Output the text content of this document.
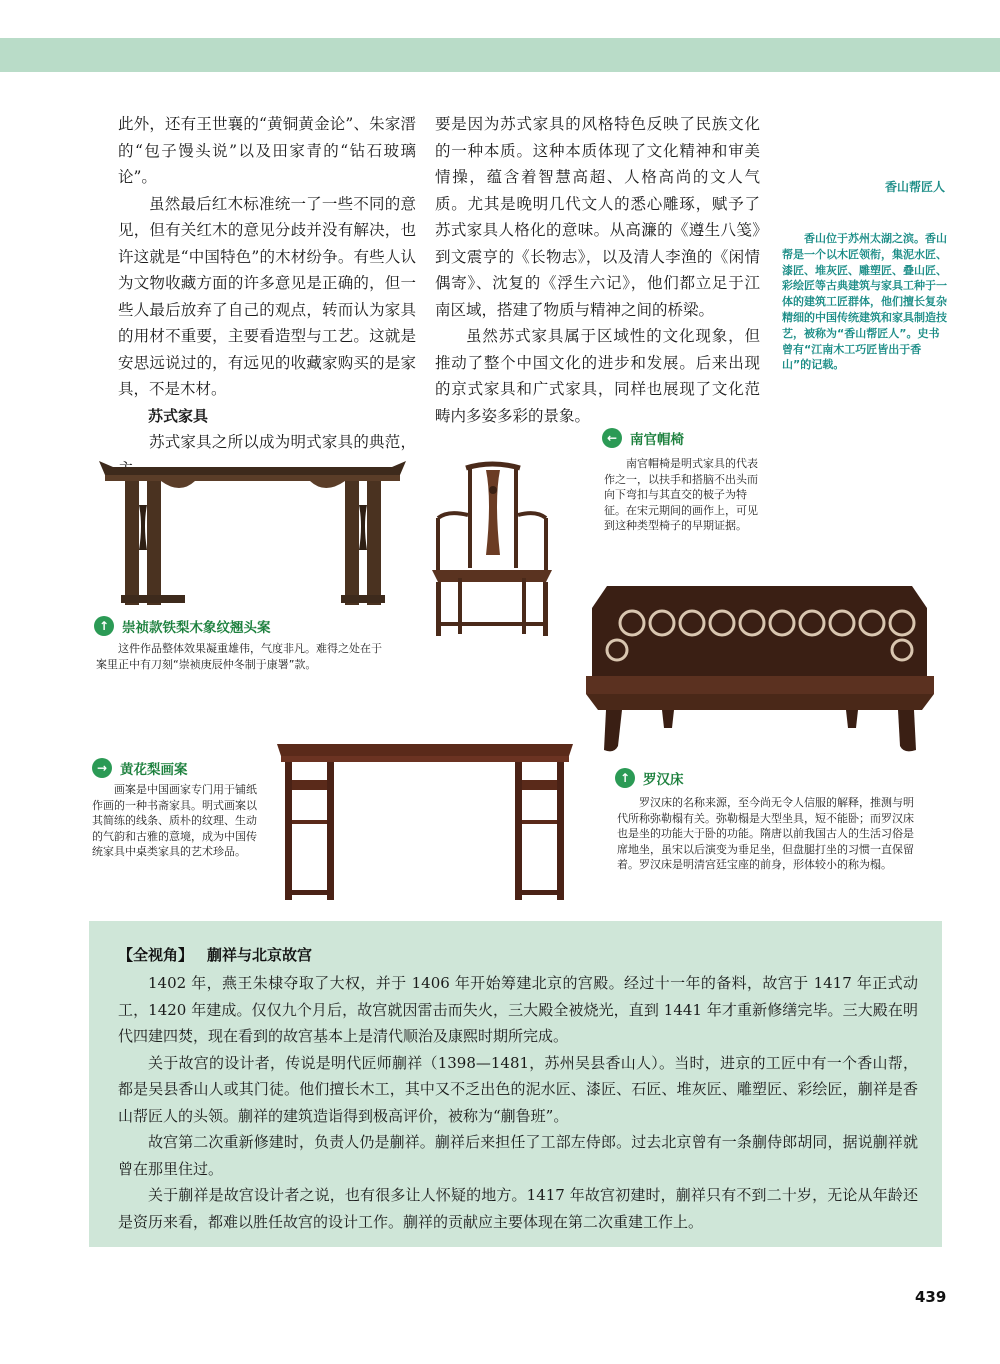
此外，还有王世襄的“黄铜黄金论”、朱家溍的“包子馒头说”以及田家青的“钻石玻璃论”。

虽然最后红木标准统一了一些不同的意见，但有关红木的意见分歧并没有解决，也许这就是“中国特色”的木材纷争。有些人认为文物收藏方面的许多意见是正确的，但一些人最后放弃了自己的观点，转而认为家具的用材不重要，主要看造型与工艺。这就是安思远说过的，有远见的收藏家购买的是家具，不是木材。

苏式家具

苏式家具之所以成为明式家具的典范，

要是因为苏式家具的风格特色反映了民族文化的一种本质。这种本质体现了文化精神和审美情操，蕴含着智慧高超、人格高尚的文人气质。尤其是晚明几代文人的悉心雕琢，赋予了苏式家具人格化的意味。从高濂的《遵生八笺》到文震亨的《长物志》，以及清人李渔的《闲情偶寄》、沈复的《浮生六记》，他们都立足于江南区域，搭建了物质与精神之间的桥梁。

虽然苏式家具属于区域性的文化现象，但推动了整个中国文化的进步和发展。后来出现的京式家具和广式家具，同样也展现了文化范畴内多姿多彩的景象。

香山帮匠人
香山位于苏州太湖之滨。香山帮是一个以木匠领衔，集泥水匠、漆匠、堆灰匠、雕塑匠、叠山匠、彩绘匠等古典建筑与家具工种于一体的建筑工匠群体，他们擅长复杂精细的中国传统建筑和家具制造技艺，被称为“香山帮匠人”。史书曾有“江南木工巧匠皆出于香山”的记载。
↑ 崇祯款铁梨木象纹翘头案
这件作品整体效果凝重雄伟，气度非凡。难得之处在于案里正中有刀刻“崇祯庚辰仲冬制于康署”款。
← 南官帽椅
南官帽椅是明式家具的代表作之一，以扶手和搭脑不出头而向下弯扣与其直交的柀子为特征。在宋元期间的画作上，可见到这种类型椅子的早期证据。
→ 黄花梨画案
画案是中国画家专门用于铺纸作画的一种书斋家具。明式画案以其简练的线条、质朴的纹理、生动的气韵和古雅的意境，成为中国传统家具中桌类家具的艺术珍品。
↑ 罗汉床
罗汉床的名称来源，至今尚无令人信服的解释，推测与明代所称弥勒榻有关。弥勒榻是大型坐具，短不能卧；而罗汉床也是坐的功能大于卧的功能。隋唐以前我国古人的生活习俗是席地坐，虽宋以后演变为垂足坐，但盘腿打坐的习惯一直保留着。罗汉床是明清宫廷宝座的前身，形体较小的称为榻。
【全视角】 蒯祥与北京故宫

1402 年，燕王朱棣夺取了大权，并于 1406 年开始筹建北京的宫殿。经过十一年的备料，故宫于 1417 年正式动工，1420 年建成。仅仅九个月后，故宫就因雷击而失火，三大殿全被烧光，直到 1441 年才重新修缮完毕。三大殿在明代四建四焚，现在看到的故宫基本上是清代顺治及康熙时期所完成。

关于故宫的设计者，传说是明代匠师蒯祥（1398—1481，苏州吴县香山人）。当时，进京的工匠中有一个香山帮，都是吴县香山人或其门徒。他们擅长木工，其中又不乏出色的泥水匠、漆匠、石匠、堆灰匠、雕塑匠、彩绘匠，蒯祥是香山帮匠人的头领。蒯祥的建筑造诣得到极高评价，被称为“蒯鲁班”。

故宫第二次重新修建时，负责人仍是蒯祥。蒯祥后来担任了工部左侍郎。过去北京曾有一条蒯侍郎胡同，据说蒯祥就曾在那里住过。

关于蒯祥是故宫设计者之说，也有很多让人怀疑的地方。1417 年故宫初建时，蒯祥只有不到二十岁，无论从年龄还是资历来看，都难以胜任故宫的设计工作。蒯祥的贡献应主要体现在第二次重建工作上。

439
